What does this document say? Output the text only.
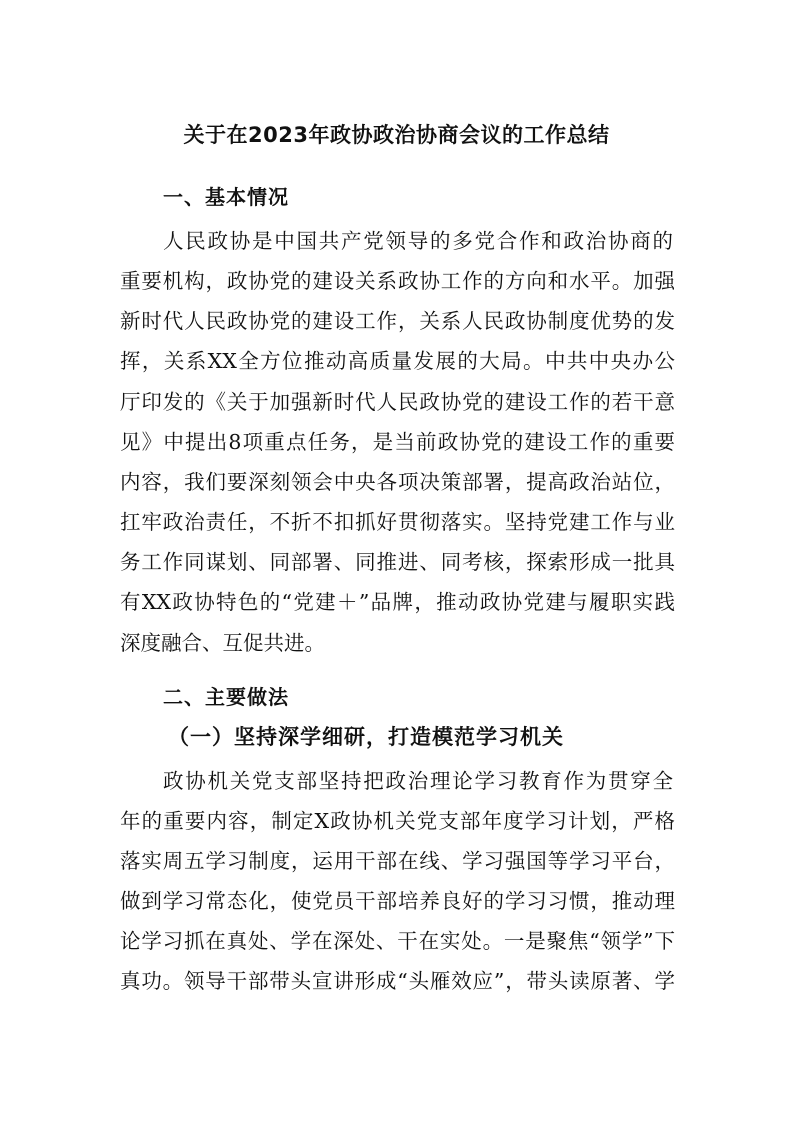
关于在2023年政协政治协商会议的工作总结
一、基本情况
人民政协是中国共产党领导的多党合作和政治协商的
重要机构，政协党的建设关系政协工作的方向和水平。加强
新时代人民政协党的建设工作，关系人民政协制度优势的发
挥，关系XX全方位推动高质量发展的大局。中共中央办公
厅印发的《关于加强新时代人民政协党的建设工作的若干意
见》中提出8项重点任务，是当前政协党的建设工作的重要
内容，我们要深刻领会中央各项决策部署，提高政治站位，
扛牢政治责任，不折不扣抓好贯彻落实。坚持党建工作与业
务工作同谋划、同部署、同推进、同考核，探索形成一批具
有XX政协特色的“党建＋”品牌，推动政协党建与履职实践
深度融合、互促共进。
二、主要做法
（一）坚持深学细研，打造模范学习机关
政协机关党支部坚持把政治理论学习教育作为贯穿全
年的重要内容，制定X政协机关党支部年度学习计划，严格
落实周五学习制度，运用干部在线、学习强国等学习平台，
做到学习常态化，使党员干部培养良好的学习习惯，推动理
论学习抓在真处、学在深处、干在实处。一是聚焦“领学”下
真功。领导干部带头宣讲形成“头雁效应”，带头读原著、学
